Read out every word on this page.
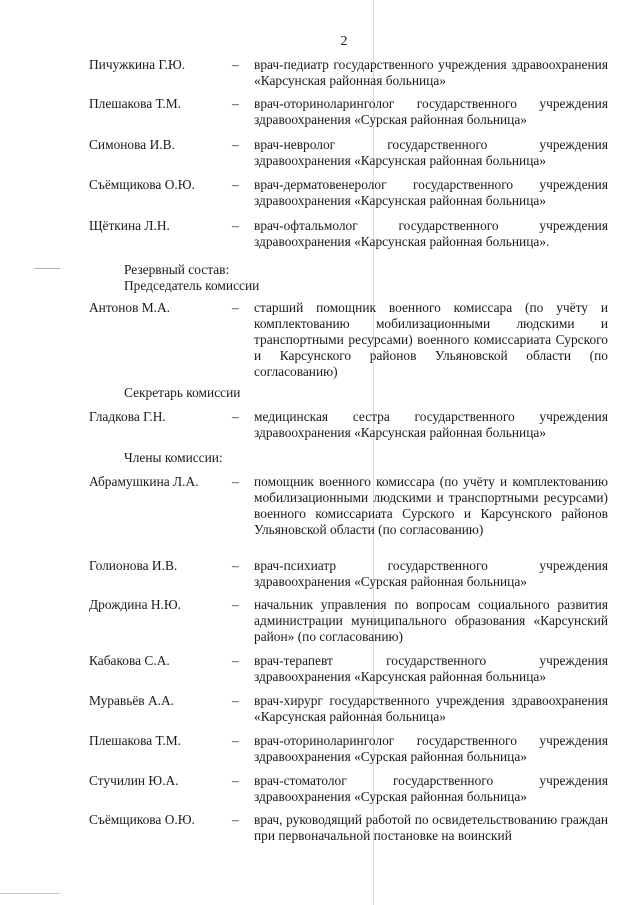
2
Пичужкина Г.Ю.	– врач-педиатр государственного учреждения здравоохранения «Карсунская районная больница»
Плешакова Т.М.	– врач-оториноларинголог государственного учреждения здравоохранения «Сурская районная больница»
Симонова И.В.	– врач-невролог государственного учреждения здравоохранения «Карсунская районная больница»
Съёмщикова О.Ю.	– врач-дерматовенеролог государственного учреждения здравоохранения «Карсунская районная больница»
Щёткина Л.Н.	– врач-офтальмолог государственного учреждения здравоохранения «Карсунская районная больница».
Резервный состав:
Председатель комиссии
Антонов М.А.	– старший помощник военного комиссара (по учёту и комплектованию мобилизационными людскими и транспортными ресурсами) военного комиссариата Сурского и Карсунского районов Ульяновской области (по согласованию)
Секретарь комиссии
Гладкова Г.Н.	– медицинская сестра государственного учреждения здравоохранения «Карсунская районная больница»
Члены комиссии:
Абрамушкина Л.А.	– помощник военного комиссара (по учёту и комплектованию мобилизационными людскими и транспортными ресурсами) военного комиссариата Сурского и Карсунского районов Ульяновской области (по согласованию)
Голионова И.В.	– врач-психиатр государственного учреждения здравоохранения «Сурская районная больница»
Дрождина Н.Ю.	– начальник управления по вопросам социального развития администрации муниципального образования «Карсунский район» (по согласованию)
Кабакова С.А.	– врач-терапевт государственного учреждения здравоохранения «Карсунская районная больница»
Муравьёв А.А.	– врач-хирург государственного учреждения здравоохранения «Карсунская районная больница»
Плешакова Т.М.	– врач-оториноларинголог государственного учреждения здравоохранения «Сурская районная больница»
Стучилин Ю.А.	– врач-стоматолог государственного учреждения здравоохранения «Сурская районная больница»
Съёмщикова О.Ю.	– врач, руководящий работой по освидетельствованию граждан при первоначальной постановке на воинский
